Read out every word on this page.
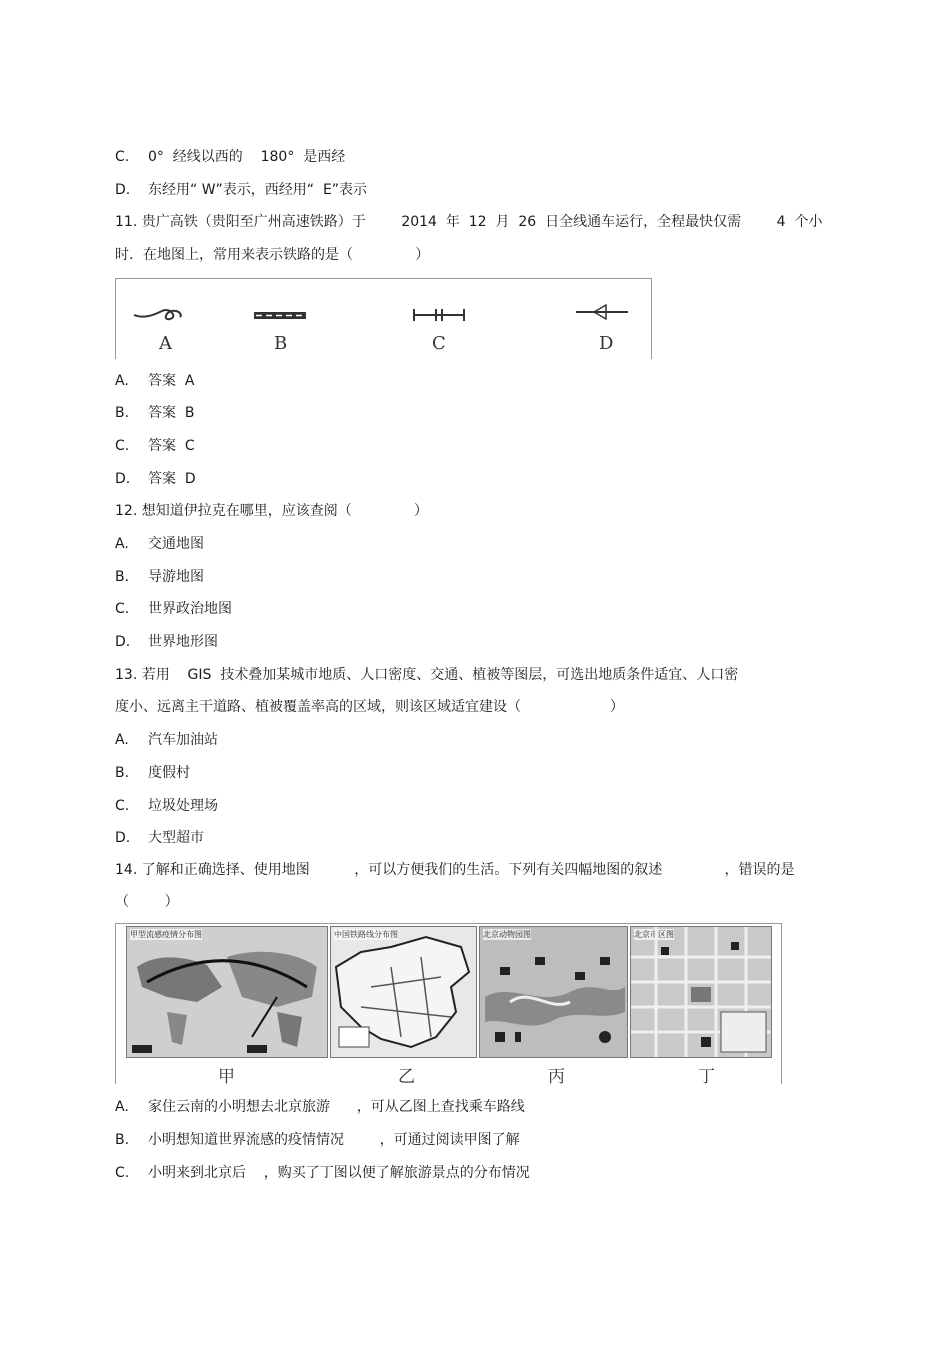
C. 0°  经线以西的    180°  是西经
D. 东经用“ W”表示，西经用“  E”表示
11. 贵广高铁（贵阳至广州高速铁路）于        2014  年  12  月  26  日全线通车运行，全程最快仅需        4  个小
时．在地图上，常用来表示铁路的是（              ）
A	B	C	D
A. 答案  A
B. 答案  B
C. 答案  C
D. 答案  D
12. 想知道伊拉克在哪里，应该查阅（              ）
A. 交通地图
B. 导游地图
C. 世界政治地图
D. 世界地形图
13. 若用    GIS  技术叠加某城市地质、人口密度、交通、植被等图层，可选出地质条件适宜、人口密
度小、远离主干道路、植被覆盖率高的区域，则该区域适宜建设（                    ）
A. 汽车加油站
B. 度假村
C. 垃圾处理场
D. 大型超市
14. 了解和正确选择、使用地图          ，可以方便我们的生活。下列有关四幅地图的叙述              ，错误的是
（        ）
甲型流感疫情分布图	中国铁路线分布图	北京动物园图	北京市区图
甲	乙	丙	丁
A. 家住云南的小明想去北京旅游      ，可从乙图上查找乘车路线
B. 小明想知道世界流感的疫情情况        ，可通过阅读甲图了解
C. 小明来到北京后    ，购买了丁图以便了解旅游景点的分布情况
